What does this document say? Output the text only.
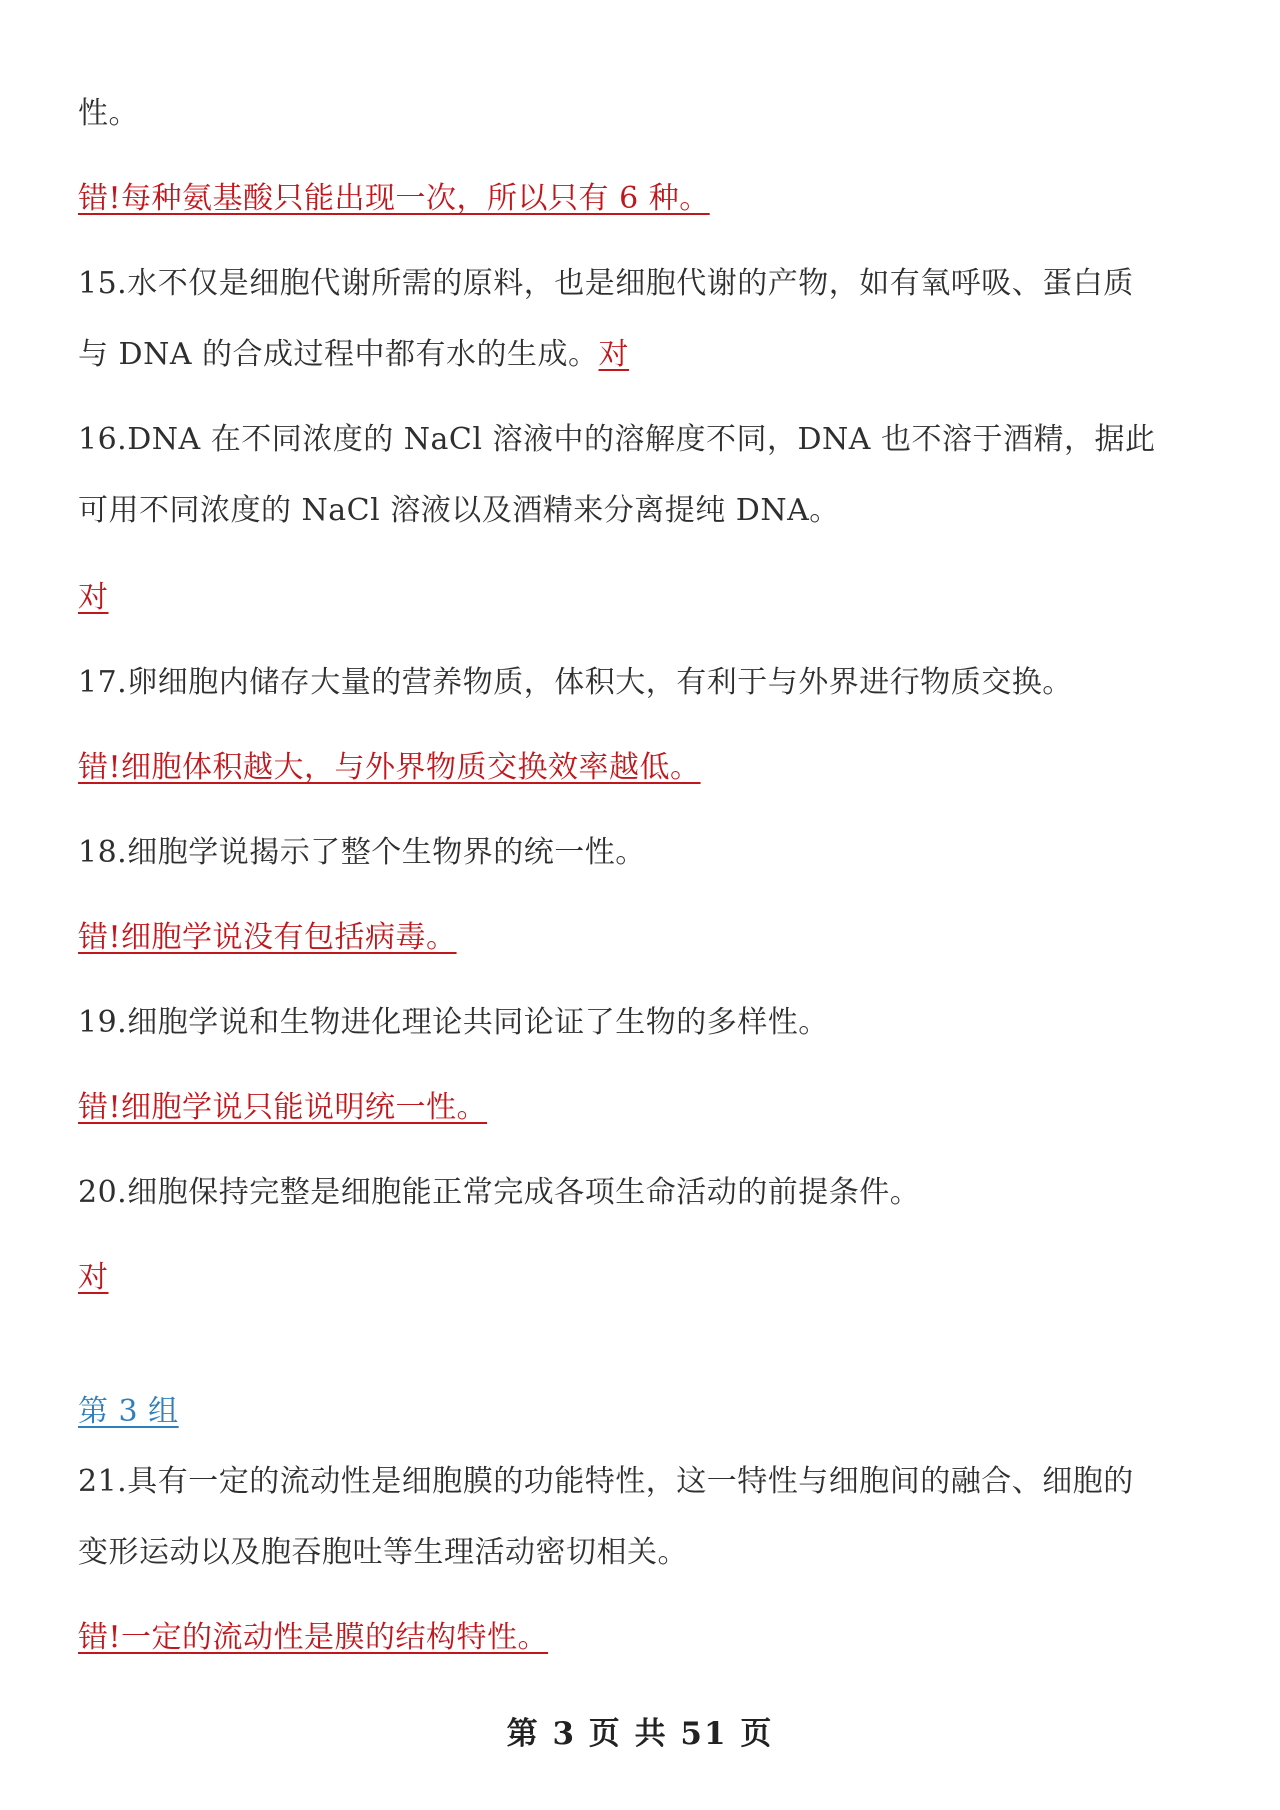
性。
错!每种氨基酸只能出现一次，所以只有 6 种。
15.水不仅是细胞代谢所需的原料，也是细胞代谢的产物，如有氧呼吸、蛋白质
与 DNA 的合成过程中都有水的生成。对
16.DNA 在不同浓度的 NaCl 溶液中的溶解度不同，DNA 也不溶于酒精，据此
可用不同浓度的 NaCl 溶液以及酒精来分离提纯 DNA。
对
17.卵细胞内储存大量的营养物质，体积大，有利于与外界进行物质交换。
错!细胞体积越大，与外界物质交换效率越低。
18.细胞学说揭示了整个生物界的统一性。
错!细胞学说没有包括病毒。
19.细胞学说和生物进化理论共同论证了生物的多样性。
错!细胞学说只能说明统一性。
20.细胞保持完整是细胞能正常完成各项生命活动的前提条件。
对
第 3 组
21.具有一定的流动性是细胞膜的功能特性，这一特性与细胞间的融合、细胞的
变形运动以及胞吞胞吐等生理活动密切相关。
错!一定的流动性是膜的结构特性。
第 3 页 共 51 页
